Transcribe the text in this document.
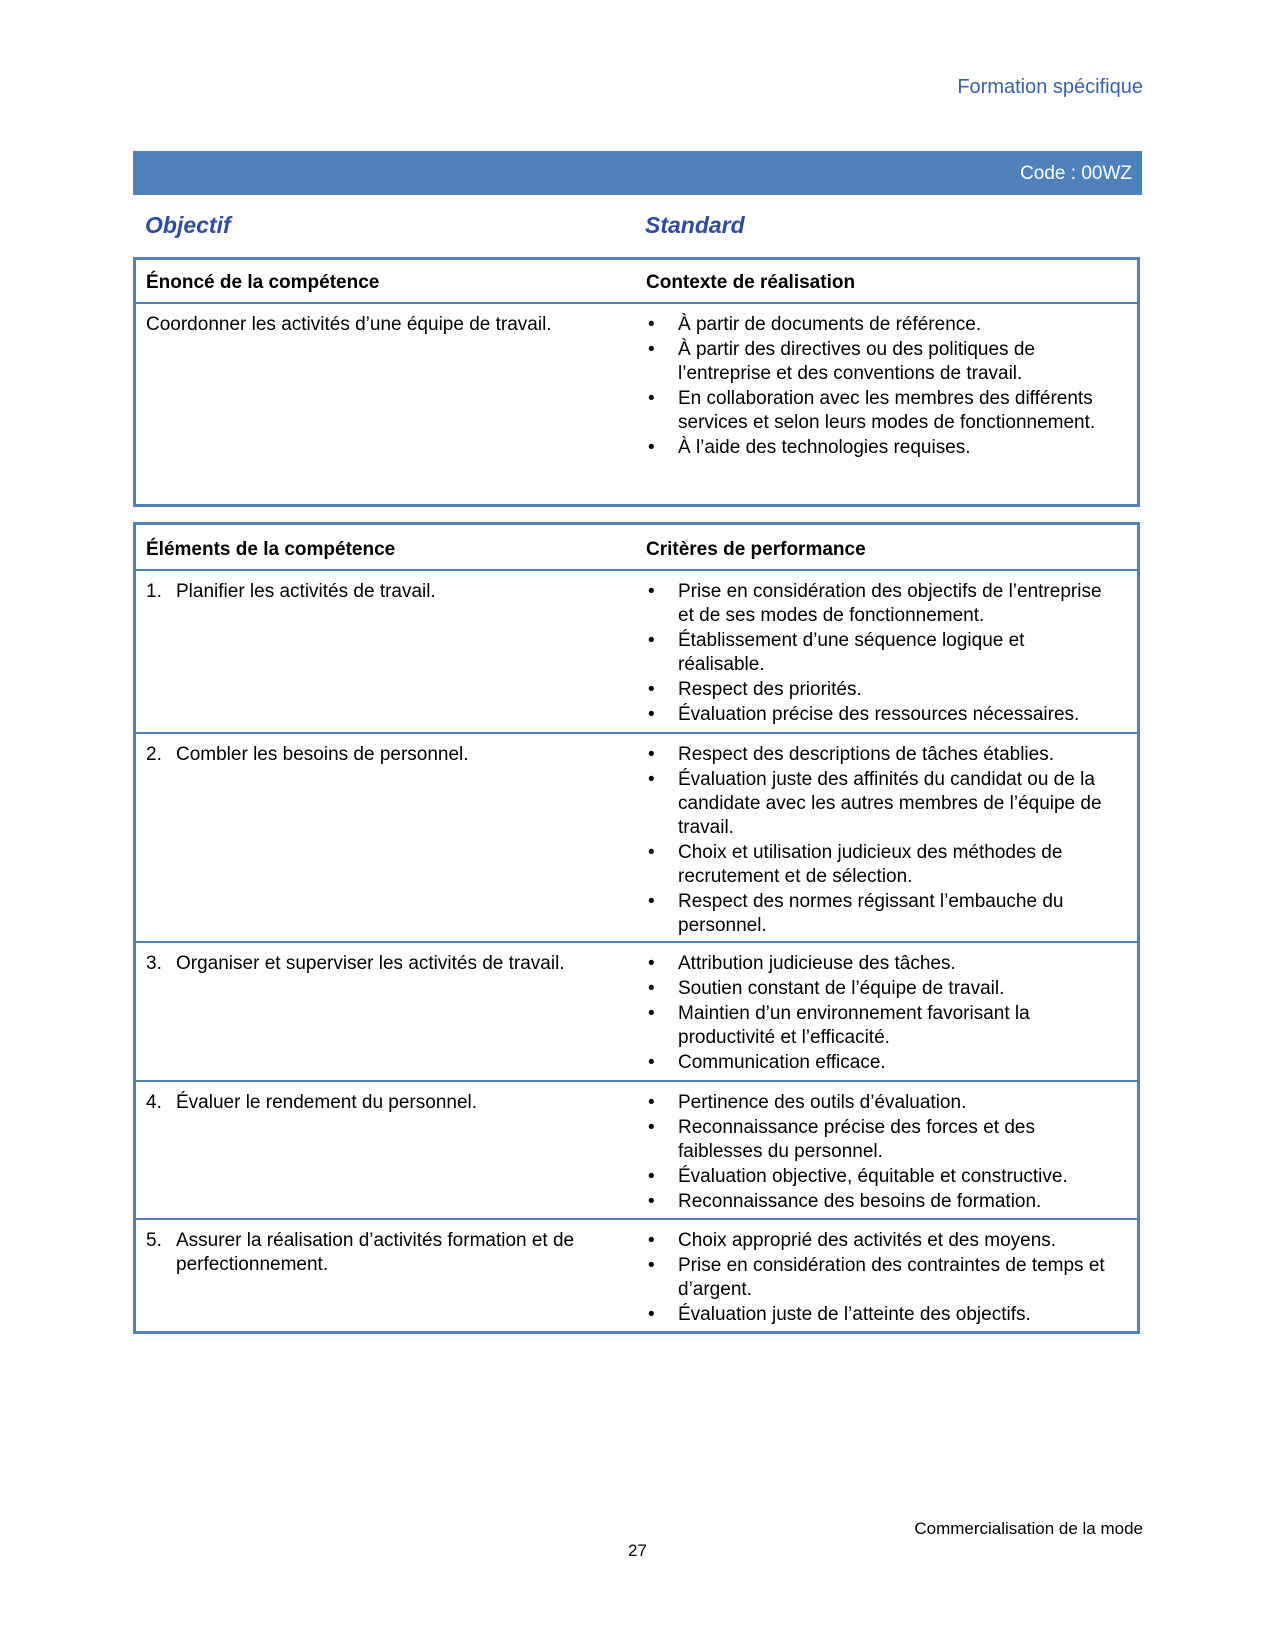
Formation spécifique
Code : 00WZ
Objectif	Standard
Énoncé de la compétence	Contexte de réalisation
Coordonner les activités d’une équipe de travail.	• À partir de documents de référence.
• À partir des directives ou des politiques de l’entreprise et des conventions de travail.
• En collaboration avec les membres des différents services et selon leurs modes de fonctionnement.
• À l’aide des technologies requises.
Éléments de la compétence	Critères de performance
1. Planifier les activités de travail.	• Prise en considération des objectifs de l’entreprise et de ses modes de fonctionnement.
• Établissement d’une séquence logique et réalisable.
• Respect des priorités.
• Évaluation précise des ressources nécessaires.
2. Combler les besoins de personnel.	• Respect des descriptions de tâches établies.
• Évaluation juste des affinités du candidat ou de la candidate avec les autres membres de l’équipe de travail.
• Choix et utilisation judicieux des méthodes de recrutement et de sélection.
• Respect des normes régissant l’embauche du personnel.
3. Organiser et superviser les activités de travail.	• Attribution judicieuse des tâches.
• Soutien constant de l’équipe de travail.
• Maintien d’un environnement favorisant la productivité et l’efficacité.
• Communication efficace.
4. Évaluer le rendement du personnel.	• Pertinence des outils d’évaluation.
• Reconnaissance précise des forces et des faiblesses du personnel.
• Évaluation objective, équitable et constructive.
• Reconnaissance des besoins de formation.
5. Assurer la réalisation d’activités formation et de perfectionnement.
• Choix approprié des activités et des moyens.
• Prise en considération des contraintes de temps et d’argent.
• Évaluation juste de l’atteinte des objectifs.
Commercialisation de la mode
27
